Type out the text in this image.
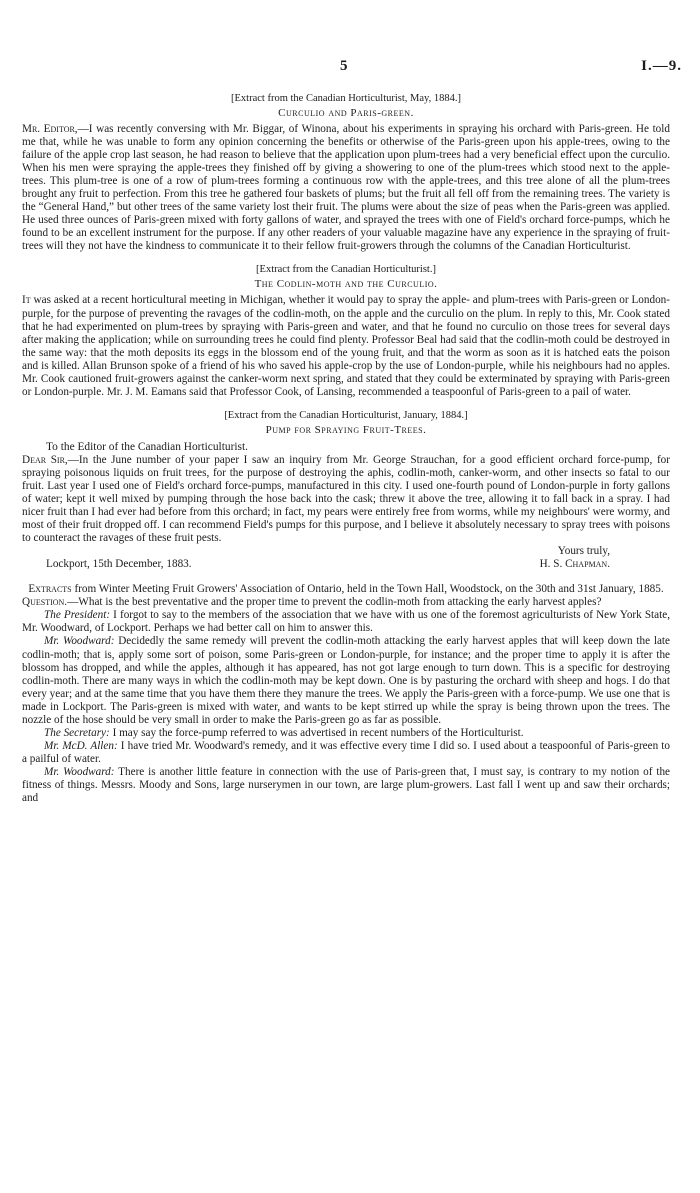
5	I.—9.

[Extract from the Canadian Horticulturist, May, 1884.]

Curculio and Paris-green.

Mr. Editor,—I was recently conversing with Mr. Biggar, of Winona, about his experiments in spraying his orchard with Paris-green. He told me that, while he was unable to form any opinion concerning the benefits or otherwise of the Paris-green upon his apple-trees, owing to the failure of the apple crop last season, he had reason to believe that the application upon plum-trees had a very beneficial effect upon the curculio. When his men were spraying the apple-trees they finished off by giving a showering to one of the plum-trees which stood next to the apple-trees. This plum-tree is one of a row of plum-trees forming a continuous row with the apple-trees, and this tree alone of all the plum-trees brought any fruit to perfection. From this tree he gathered four baskets of plums; but the fruit all fell off from the remaining trees. The variety is the “General Hand,” but other trees of the same variety lost their fruit. The plums were about the size of peas when the Paris-green was applied. He used three ounces of Paris-green mixed with forty gallons of water, and sprayed the trees with one of Field's orchard force-pumps, which he found to be an excellent instrument for the purpose. If any other readers of your valuable magazine have any experience in the spraying of fruit-trees will they not have the kindness to communicate it to their fellow fruit-growers through the columns of the Canadian Horticulturist.

[Extract from the Canadian Horticulturist.]

The Codlin-moth and the Curculio.

It was asked at a recent horticultural meeting in Michigan, whether it would pay to spray the apple- and plum-trees with Paris-green or London-purple, for the purpose of preventing the ravages of the codlin-moth, on the apple and the curculio on the plum. In reply to this, Mr. Cook stated that he had experimented on plum-trees by spraying with Paris-green and water, and that he found no curculio on those trees for several days after making the application; while on surrounding trees he could find plenty. Professor Beal had said that the codlin-moth could be destroyed in the same way: that the moth deposits its eggs in the blossom end of the young fruit, and that the worm as soon as it is hatched eats the poison and is killed. Allan Brunson spoke of a friend of his who saved his apple-crop by the use of London-purple, while his neighbours had no apples. Mr. Cook cautioned fruit-growers against the canker-worm next spring, and stated that they could be exterminated by spraying with Paris-green or London-purple. Mr. J. M. Eamans said that Professor Cook, of Lansing, recommended a teaspoonful of Paris-green to a pail of water.

[Extract from the Canadian Horticulturist, January, 1884.]

Pump for Spraying Fruit-Trees.

To the Editor of the Canadian Horticulturist.

Dear Sir,—In the June number of your paper I saw an inquiry from Mr. George Strauchan, for a good efficient orchard force-pump, for spraying poisonous liquids on fruit trees, for the purpose of destroying the aphis, codlin-moth, canker-worm, and other insects so fatal to our fruit. Last year I used one of Field's orchard force-pumps, manufactured in this city. I used one-fourth pound of London-purple in forty gallons of water; kept it well mixed by pumping through the hose back into the cask; threw it above the tree, allowing it to fall back in a spray. I had nicer fruit than I had ever had before from this orchard; in fact, my pears were entirely free from worms, while my neighbours' were wormy, and most of their fruit dropped off. I can recommend Field's pumps for this purpose, and I believe it absolutely necessary to spray trees with poisons to counteract the ravages of these fruit pests.

Yours truly,
Lockport, 15th December, 1883.	H. S. Chapman.
Extracts from Winter Meeting Fruit Growers' Association of Ontario, held in the Town Hall, Woodstock, on the 30th and 31st January, 1885.

Question.—What is the best preventative and the proper time to prevent the codlin-moth from attacking the early harvest apples?

The President: I forgot to say to the members of the association that we have with us one of the foremost agriculturists of New York State, Mr. Woodward, of Lockport. Perhaps we had better call on him to answer this.

Mr. Woodward: Decidedly the same remedy will prevent the codlin-moth attacking the early harvest apples that will keep down the late codlin-moth; that is, apply some sort of poison, some Paris-green or London-purple, for instance; and the proper time to apply it is after the blossom has dropped, and while the apples, although it has appeared, has not got large enough to turn down. This is a specific for destroying codlin-moth. There are many ways in which the codlin-moth may be kept down. One is by pasturing the orchard with sheep and hogs. I do that every year; and at the same time that you have them there they manure the trees. We apply the Paris-green with a force-pump. We use one that is made in Lockport. The Paris-green is mixed with water, and wants to be kept stirred up while the spray is being thrown upon the trees. The nozzle of the hose should be very small in order to make the Paris-green go as far as possible.

The Secretary: I may say the force-pump referred to was advertised in recent numbers of the Horticulturist.

Mr. McD. Allen: I have tried Mr. Woodward's remedy, and it was effective every time I did so. I used about a teaspoonful of Paris-green to a pailful of water.

Mr. Woodward: There is another little feature in connection with the use of Paris-green that, I must say, is contrary to my notion of the fitness of things. Messrs. Moody and Sons, large nurserymen in our town, are large plum-growers. Last fall I went up and saw their orchards; and
